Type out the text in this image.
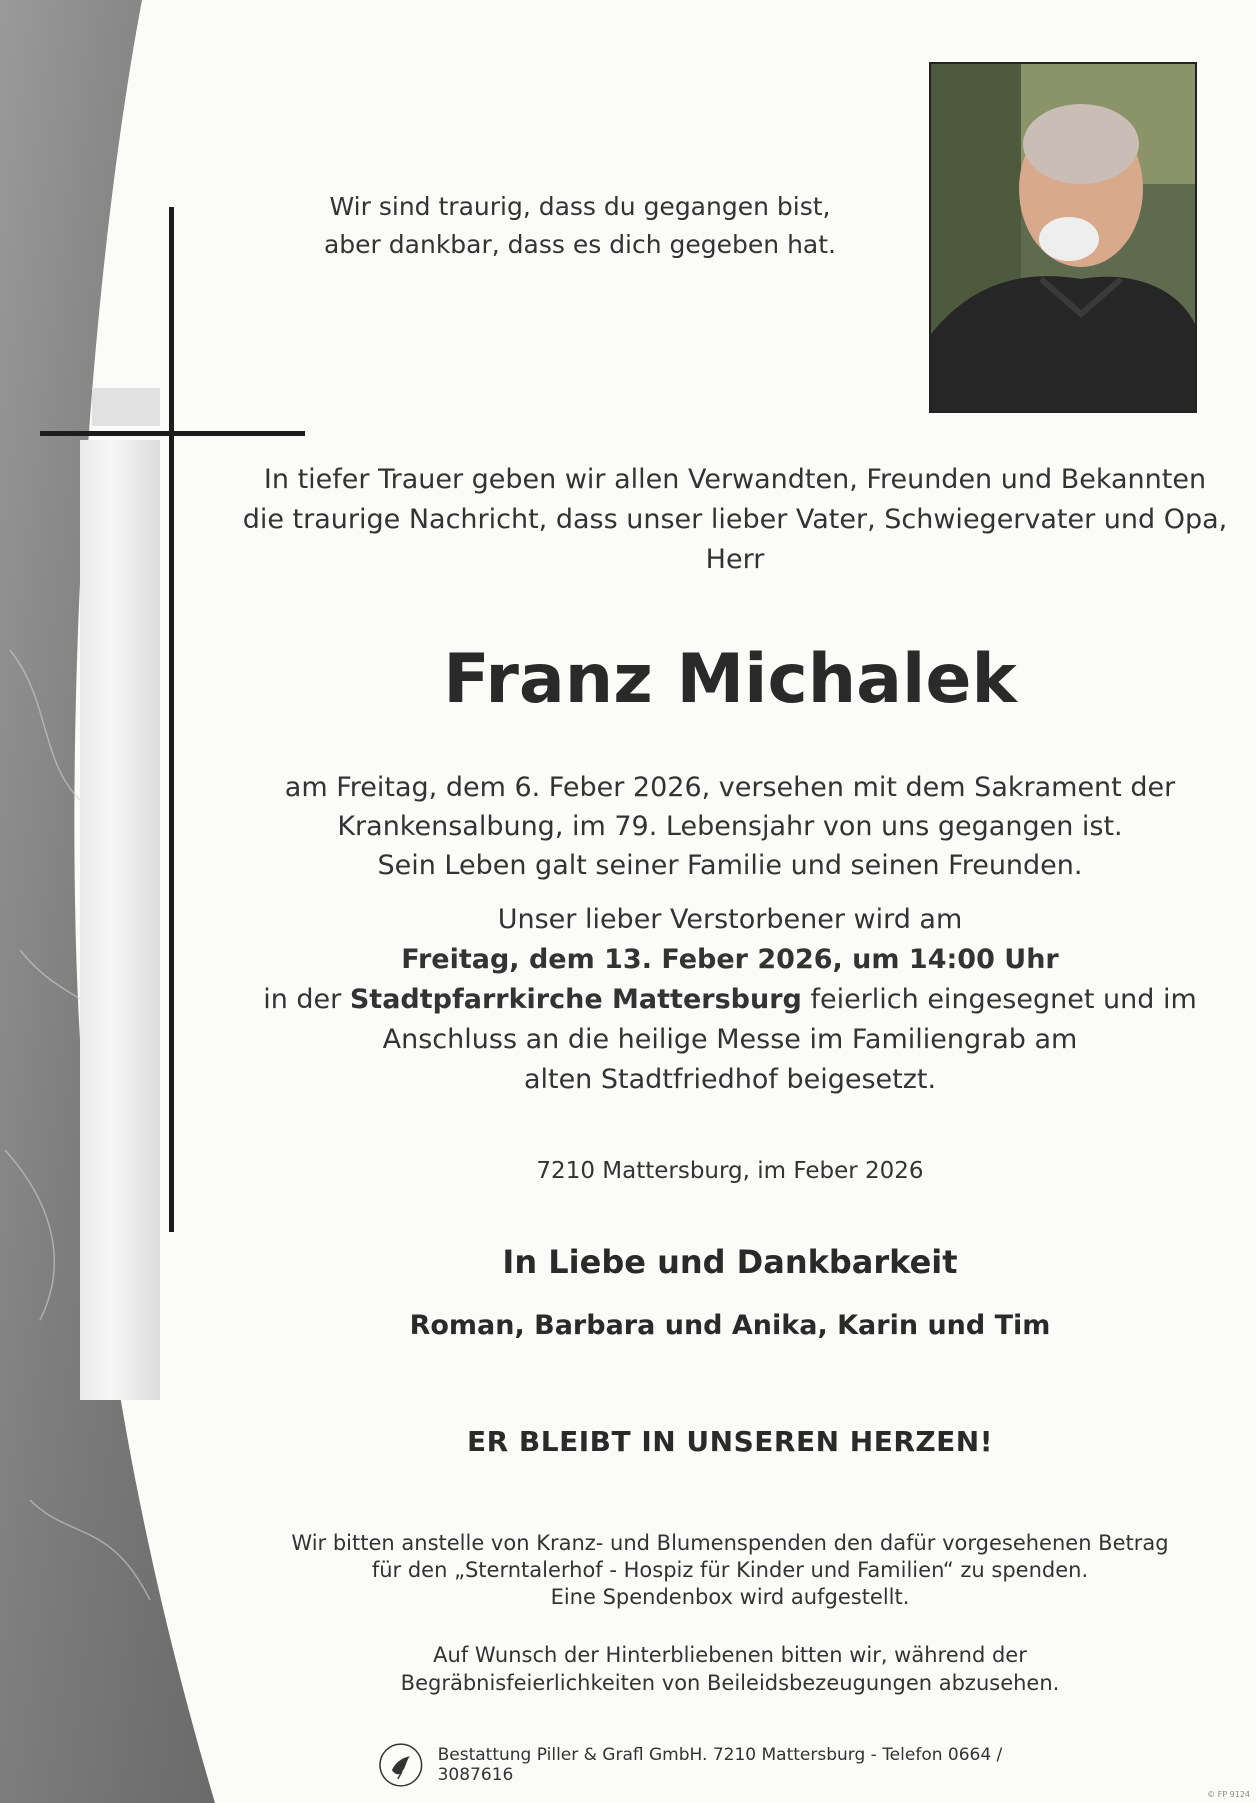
Wir sind traurig, dass du gegangen bist,
aber dankbar, dass es dich gegeben hat.
In tiefer Trauer geben wir allen Verwandten, Freunden und Bekannten
die traurige Nachricht, dass unser lieber Vater, Schwiegervater und Opa,
Herr
Franz Michalek
am Freitag, dem 6. Feber 2026, versehen mit dem Sakrament der
Krankensalbung, im 79. Lebensjahr von uns gegangen ist.
Sein Leben galt seiner Familie und seinen Freunden.
Unser lieber Verstorbener wird am
Freitag, dem 13. Feber 2026, um 14:00 Uhr
in der Stadtpfarrkirche Mattersburg feierlich eingesegnet und im
Anschluss an die heilige Messe im Familiengrab am
alten Stadtfriedhof beigesetzt.
7210 Mattersburg, im Feber 2026
In Liebe und Dankbarkeit
Roman, Barbara und Anika, Karin und Tim
ER BLEIBT IN UNSEREN HERZEN!
Wir bitten anstelle von Kranz- und Blumenspenden den dafür vorgesehenen Betrag
für den „Sterntalerhof - Hospiz für Kinder und Familien“ zu spenden.
Eine Spendenbox wird aufgestellt.
Auf Wunsch der Hinterbliebenen bitten wir, während der
Begräbnisfeierlichkeiten von Beileidsbezeugungen abzusehen.
Bestattung Piller & Grafl GmbH. 7210 Mattersburg - Telefon 0664 / 3087616
© FP 9124
